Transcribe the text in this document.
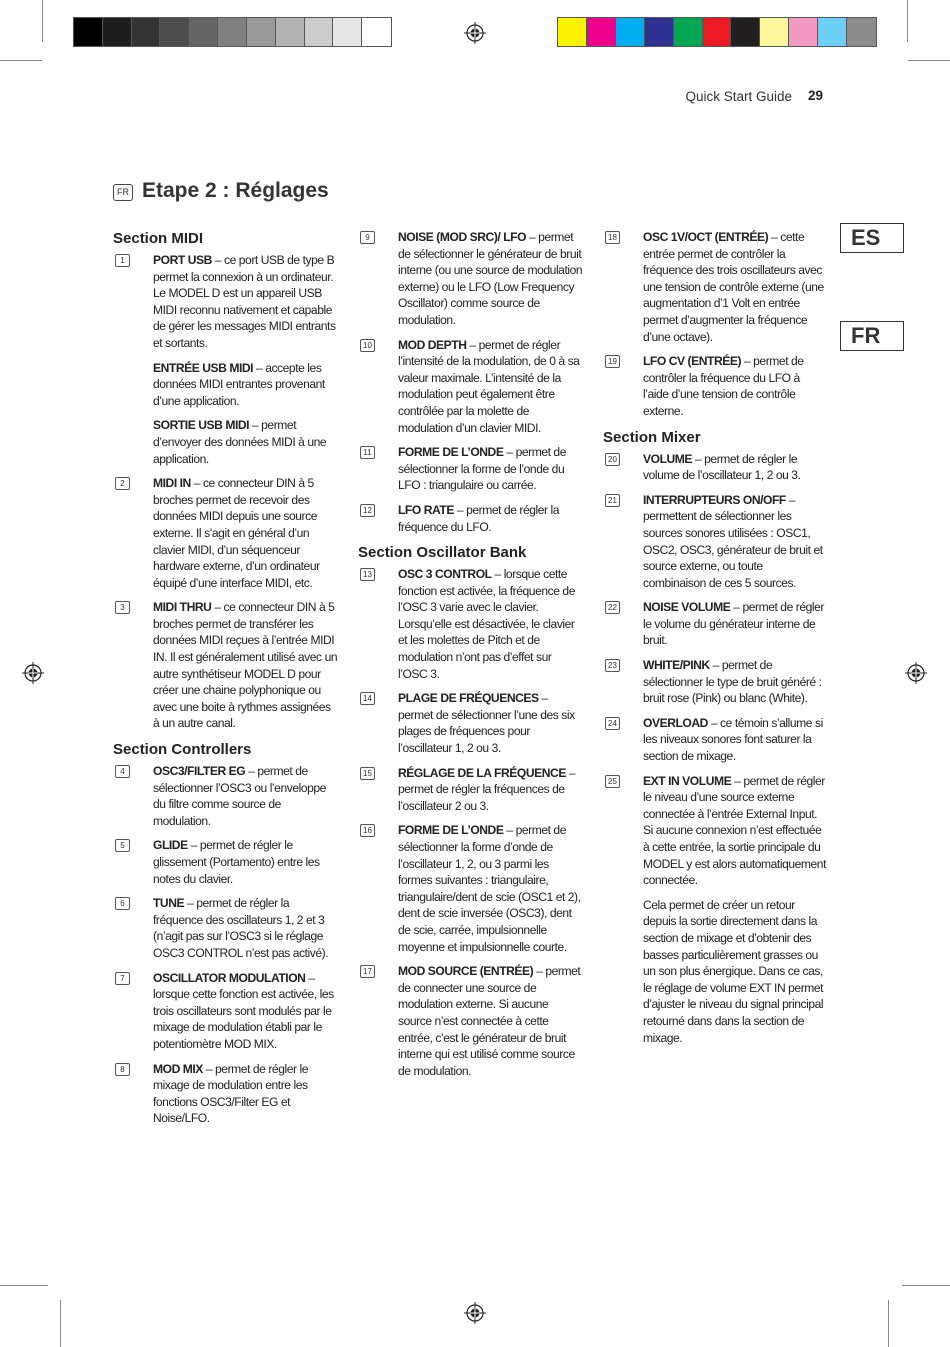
Quick Start Guide 29
FR Etape 2 : Réglages
ES
FR
Section MIDI
1	PORT USB – ce port USB de type B permet la connexion à un ordinateur. Le MODEL D est un appareil USB MIDI reconnu nativement et capable de gérer les messages MIDI entrants et sortants.
ENTRÉE USB MIDI – accepte les données MIDI entrantes provenant d’une application.
SORTIE USB MIDI – permet d’envoyer des données MIDI à une application.
2	MIDI IN – ce connecteur DIN à 5 broches permet de recevoir des données MIDI depuis une source externe. Il s’agit en général d’un clavier MIDI, d’un séquenceur hardware externe, d’un ordinateur équipé d’une interface MIDI, etc.
3	MIDI THRU – ce connecteur DIN à 5 broches permet de transférer les données MIDI reçues à l’entrée MIDI IN. Il est généralement utilisé avec un autre synthétiseur MODEL D pour créer une chaine polyphonique ou avec une boite à rythmes assignées à un autre canal.
Section Controllers
4	OSC3/FILTER EG – permet de sélectionner l’OSC3 ou l’enveloppe du filtre comme source de modulation.
5	GLIDE – permet de régler le glissement (Portamento) entre les notes du clavier.
6	TUNE – permet de régler la fréquence des oscillateurs 1, 2 et 3 (n’agit pas sur l’OSC3 si le réglage OSC3 CONTROL n’est pas activé).
7	OSCILLATOR MODULATION – lorsque cette fonction est activée, les trois oscillateurs sont modulés par le mixage de modulation établi par le potentiomètre MOD MIX.
8	MOD MIX – permet de régler le mixage de modulation entre les fonctions OSC3/Filter EG et Noise/LFO.
9	NOISE (MOD SRC)/ LFO – permet de sélectionner le générateur de bruit interne (ou une source de modulation externe) ou le LFO (Low Frequency Oscillator) comme source de modulation.
10 MOD DEPTH – permet de régler l’intensité de la modulation, de 0 à sa valeur maximale. L’intensité de la modulation peut également être contrôlée par la molette de modulation d’un clavier MIDI.
11 FORME DE L’ONDE – permet de sélectionner la forme de l’onde du LFO : triangulaire ou carrée.
12 LFO RATE – permet de régler la fréquence du LFO.
Section Oscillator Bank
13 OSC 3 CONTROL – lorsque cette fonction est activée, la fréquence de l’OSC 3 varie avec le clavier. Lorsqu’elle est désactivée, le clavier et les molettes de Pitch et de modulation n’ont pas d’effet sur l’OSC 3.
14 PLAGE DE FRÉQUENCES – permet de sélectionner l’une des six plages de fréquences pour l’oscillateur 1, 2 ou 3.
15 RÉGLAGE DE LA FRÉQUENCE – permet de régler la fréquences de l’oscillateur 2 ou 3.
16 FORME DE L’ONDE – permet de sélectionner la forme d’onde de l’oscillateur 1, 2, ou 3 parmi les formes suivantes : triangulaire, triangulaire/dent de scie (OSC1 et 2), dent de scie inversée (OSC3), dent de scie, carrée, impulsionnelle moyenne et impulsionnelle courte.
17 MOD SOURCE (ENTRÉE) – permet de connecter une source de modulation externe. Si aucune source n’est connectée à cette entrée, c’est le générateur de bruit interne qui est utilisé comme source de modulation.
18 OSC 1V/OCT (ENTRÉE) – cette entrée permet de contrôler la fréquence des trois oscillateurs avec une tension de contrôle externe (une augmentation d’1 Volt en entrée permet d’augmenter la fréquence d’une octave).
19 LFO CV (ENTRÉE) – permet de contrôler la fréquence du LFO à l’aide d’une tension de contrôle externe.
Section Mixer
20 VOLUME – permet de régler le volume de l’oscillateur 1, 2 ou 3.
21 INTERRUPTEURS ON/OFF – permettent de sélectionner les sources sonores utilisées : OSC1, OSC2, OSC3, générateur de bruit et source externe, ou toute combinaison de ces 5 sources.
22 NOISE VOLUME – permet de régler le volume du générateur interne de bruit.
23 WHITE/PINK – permet de sélectionner le type de bruit généré : bruit rose (Pink) ou blanc (White).
24 OVERLOAD – ce témoin s’allume si les niveaux sonores font saturer la section de mixage.
25 EXT IN VOLUME – permet de régler le niveau d’une source externe connectée à l’entrée External Input. Si aucune connexion n’est effectuée à cette entrée, la sortie principale du MODEL y est alors automatiquement connectée.
Cela permet de créer un retour depuis la sortie directement dans la section de mixage et d’obtenir des basses particulièrement grasses ou un son plus énergique. Dans ce cas, le réglage de volume EXT IN permet d’ajuster le niveau du signal principal retourné dans dans la section de mixage.
